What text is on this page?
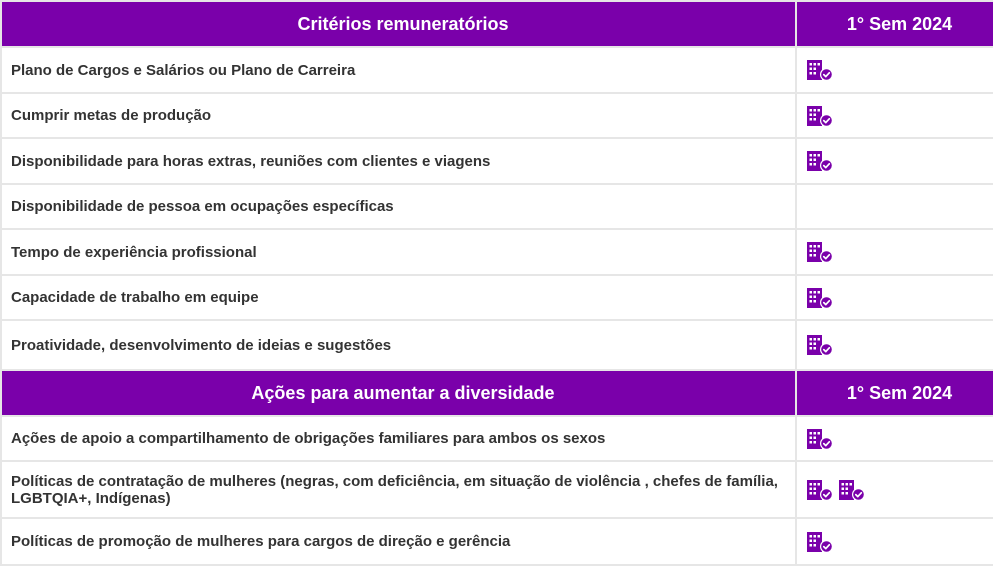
Critérios remuneratórios	1° Sem 2024
Plano de Cargos e Salários ou Plano de Carreira	

Cumprir metas de produção	

Disponibilidade para horas extras, reuniões com clientes e viagens	

Disponibilidade de pessoa em ocupações específicas	
Tempo de experiência profissional	

Capacidade de trabalho em equipe	

Proatividade, desenvolvimento de ideias e sugestões	

Ações para aumentar a diversidade	1° Sem 2024
Ações de apoio a compartilhamento de obrigações familiares para ambos os sexos	

Políticas de contratação de mulheres (negras, com deficiência, em situação de violência , chefes de família, LGBTQIA+, Indígenas)	

Políticas de promoção de mulheres para cargos de direção e gerência	
